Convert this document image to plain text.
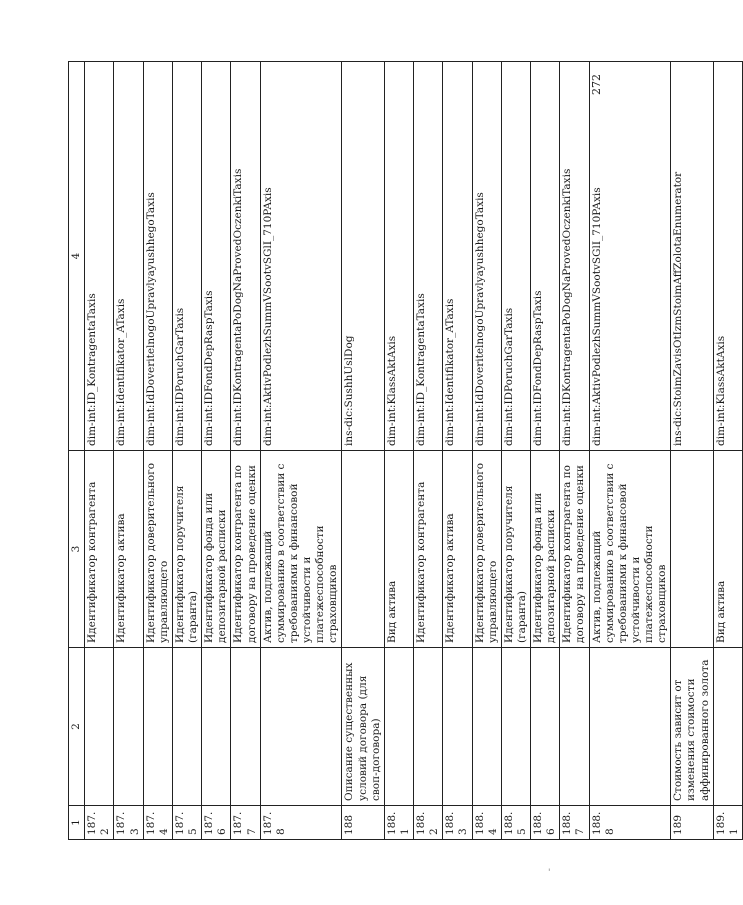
1	2	3	4
187.2		Идентификатор контрагента	dim-int:ID_KontragentaTaxis
187.3		Идентификатор актива	dim-int:Identifikator_ATaxis
187.4		Идентификатор доверительного управляющего	dim-int:IdDoveritelnogoUpravlyayushhegoTaxis
187.5		Идентификатор поручителя (гаранта)	dim-int:IDPoruchGarTaxis
187.6		Идентификатор фонда или депозитарной расписки	dim-int:IDFondDepRaspTaxis
187.7		Идентификатор контрагента по договору на проведение оценки	dim-int:IDKontragentaPoDogNaProvedOczenkiTaxis
187.8		Актив, подлежащий суммированию в соответствии с требованиями к финансовой устойчивости и платежеспособности страховщиков	dim-int:AktivPodlezhSummVSootvSGlI_710PAxis
188	Описание существенных условий договора (для своп-договора)		ins-dic:SushhUslDog
188.1		Вид актива	dim-int:KlassAktAxis
188.2		Идентификатор контрагента	dim-int:ID_KontragentaTaxis
188.3		Идентификатор актива	dim-int:Identifikator_ATaxis
188.4		Идентификатор доверительного управляющего	dim-int:IdDoveritelnogoUpravlyayushhegoTaxis
188.5		Идентификатор поручителя (гаранта)	dim-int:IDPoruchGarTaxis
188.6		Идентификатор фонда или депозитарной расписки	dim-int:IDFondDepRaspTaxis
188.7		Идентификатор контрагента по договору на проведение оценки	dim-int:IDKontragentaPoDogNaProvedOczenkiTaxis
188.8		Актив, подлежащий суммированию в соответствии с требованиями к финансовой устойчивости и платежеспособности страховщиков	dim-int:AktivPodlezhSummVSootvSGlI_710PAxis
189	Стоимость зависит от изменения стоимости аффинированного золота		ins-dic:StoimZavisOtIzmStoimAffZolotaEnumerator
189.1		Вид актива	dim-int:KlassAktAxis
272
ꞌ
